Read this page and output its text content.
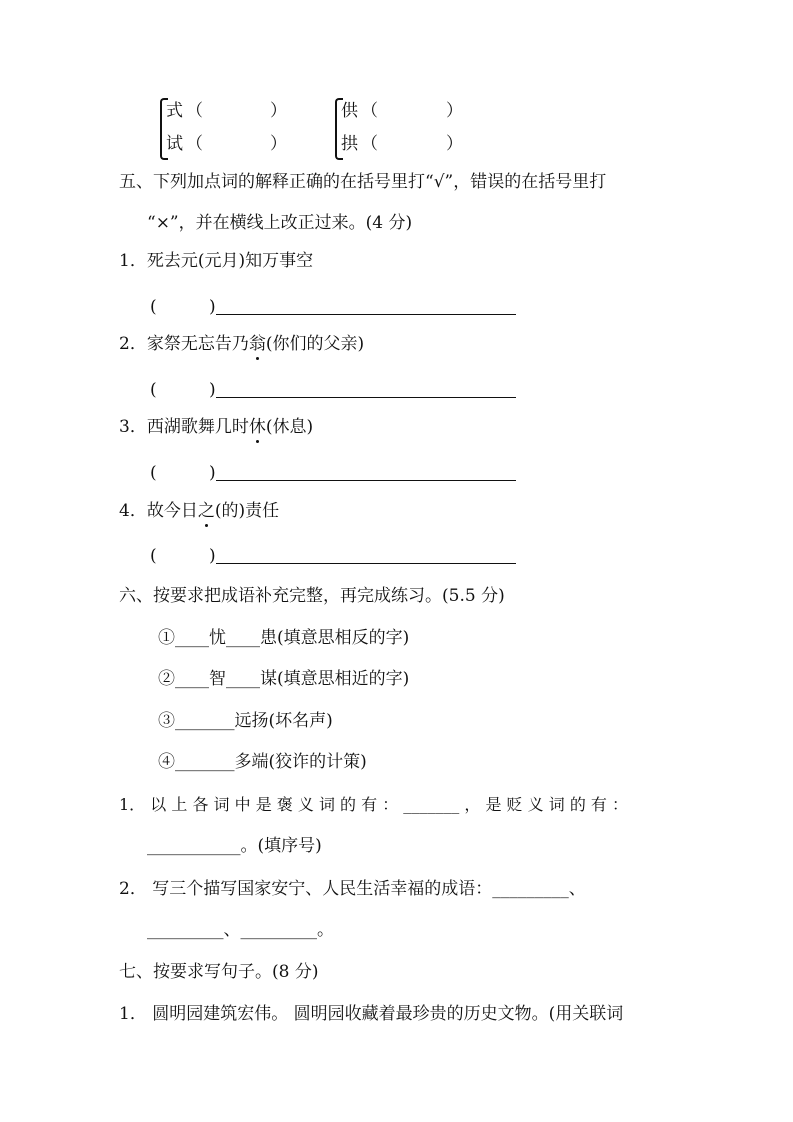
式 （	）
试 （	）
供 （	）
拱 （	）
五、下列加点词的解释正确的在括号里打“√”，错误的在括号里打
“×”，并在横线上改正过来。(4 分)
1．死去元(元月)知万事空
(	)
2．家祭无忘告乃翁(你们的父亲)
(	)
3．西湖歌舞几时休(休息)
(	)
4．故今日之(的)责任
(	)
六、按要求把成语补充完整，再完成练习。(5.5 分)
①____忧____患(填意思相反的字)
②____智____谋(填意思相近的字)
③_______远扬(坏名声)
④_______多端(狡诈的计策)
1． 以 上 各 词 中 是 褒 义 词 的 有 ： _______ ， 是 贬 义 词 的 有 ：
___________。(填序号)
2． 写三个描写国家安宁、人民生活幸福的成语：_________、
_________、_________。
七、按要求写句子。(8 分)
1． 圆明园建筑宏伟。 圆明园收藏着最珍贵的历史文物。(用关联词
